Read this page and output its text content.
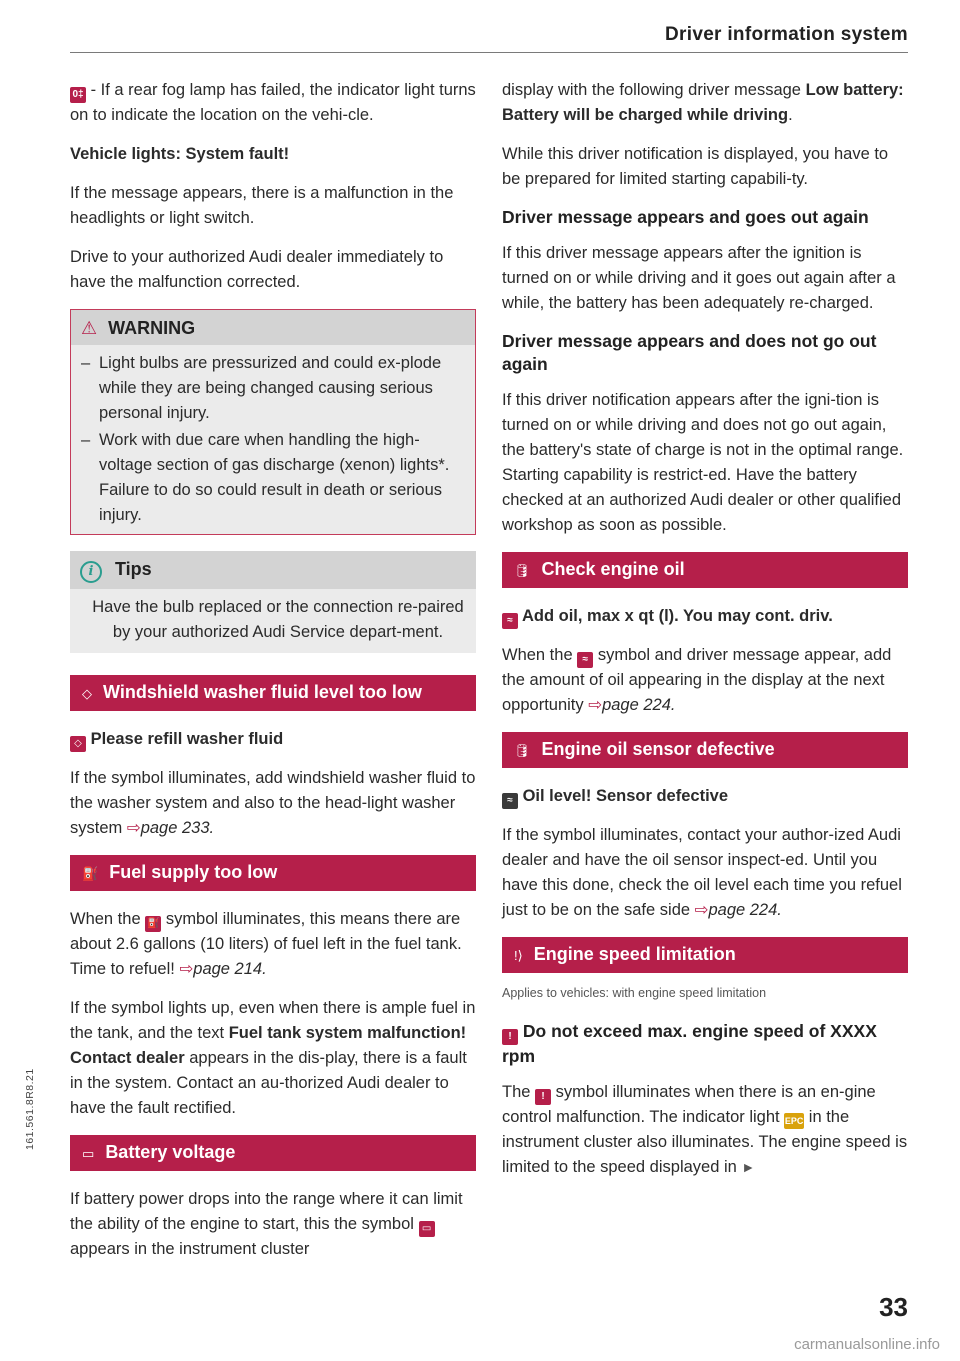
Driver information system

0‡ - If a rear fog lamp has failed, the indicator light turns on to indicate the location on the vehi-cle.

Vehicle lights: System fault!

If the message appears, there is a malfunction in the headlights or light switch.

Drive to your authorized Audi dealer immediately to have the malfunction corrected.

⚠ WARNING
– Light bulbs are pressurized and could ex-plode while they are being changed causing serious personal injury.
– Work with due care when handling the high-voltage section of gas discharge (xenon) lights*. Failure to do so could result in death or serious injury.
i Tips

Have the bulb replaced or the connection re-paired by your authorized Audi Service depart-ment.

◇ Windshield washer fluid level too low

◇ Please refill washer fluid

If the symbol illuminates, add windshield washer fluid to the washer system and also to the head-light washer system ⇨page 233.

⛽ Fuel supply too low

When the ⛽ symbol illuminates, this means there are about 2.6 gallons (10 liters) of fuel left in the fuel tank. Time to refuel! ⇨page 214.

If the symbol lights up, even when there is ample fuel in the tank, and the text Fuel tank system malfunction! Contact dealer appears in the dis-play, there is a fault in the system. Contact an au-thorized Audi dealer to have the fault rectified.

▭ Battery voltage

If battery power drops into the range where it can limit the ability of the engine to start, this the symbol ▭ appears in the instrument cluster

display with the following driver message Low battery: Battery will be charged while driving.

While this driver notification is displayed, you have to be prepared for limited starting capabili-ty.

Driver message appears and goes out again

If this driver message appears after the ignition is turned on or while driving and it goes out again after a while, the battery has been adequately re-charged.

Driver message appears and does not go out again

If this driver notification appears after the igni-tion is turned on or while driving and does not go out again, the battery's state of charge is not in the optimal range. Starting capability is restrict-ed. Have the battery checked at an authorized Audi dealer or other qualified workshop as soon as possible.

🛢 Check engine oil

≈ Add oil, max x qt (l). You may cont. driv.

When the ≈ symbol and driver message appear, add the amount of oil appearing in the display at the next opportunity ⇨page 224.

🛢 Engine oil sensor defective

≈ Oil level! Sensor defective

If the symbol illuminates, contact your author-ized Audi dealer and have the oil sensor inspect-ed. Until you have this done, check the oil level each time you refuel just to be on the safe side ⇨page 224.

!⟩ Engine speed limitation

Applies to vehicles: with engine speed limitation

! Do not exceed max. engine speed of XXXX rpm

The ! symbol illuminates when there is an en-gine control malfunction. The indicator light EPC in the instrument cluster also illuminates. The engine speed is limited to the speed displayed in ►

33
161.561.8R8.21
carmanualsonline.info
